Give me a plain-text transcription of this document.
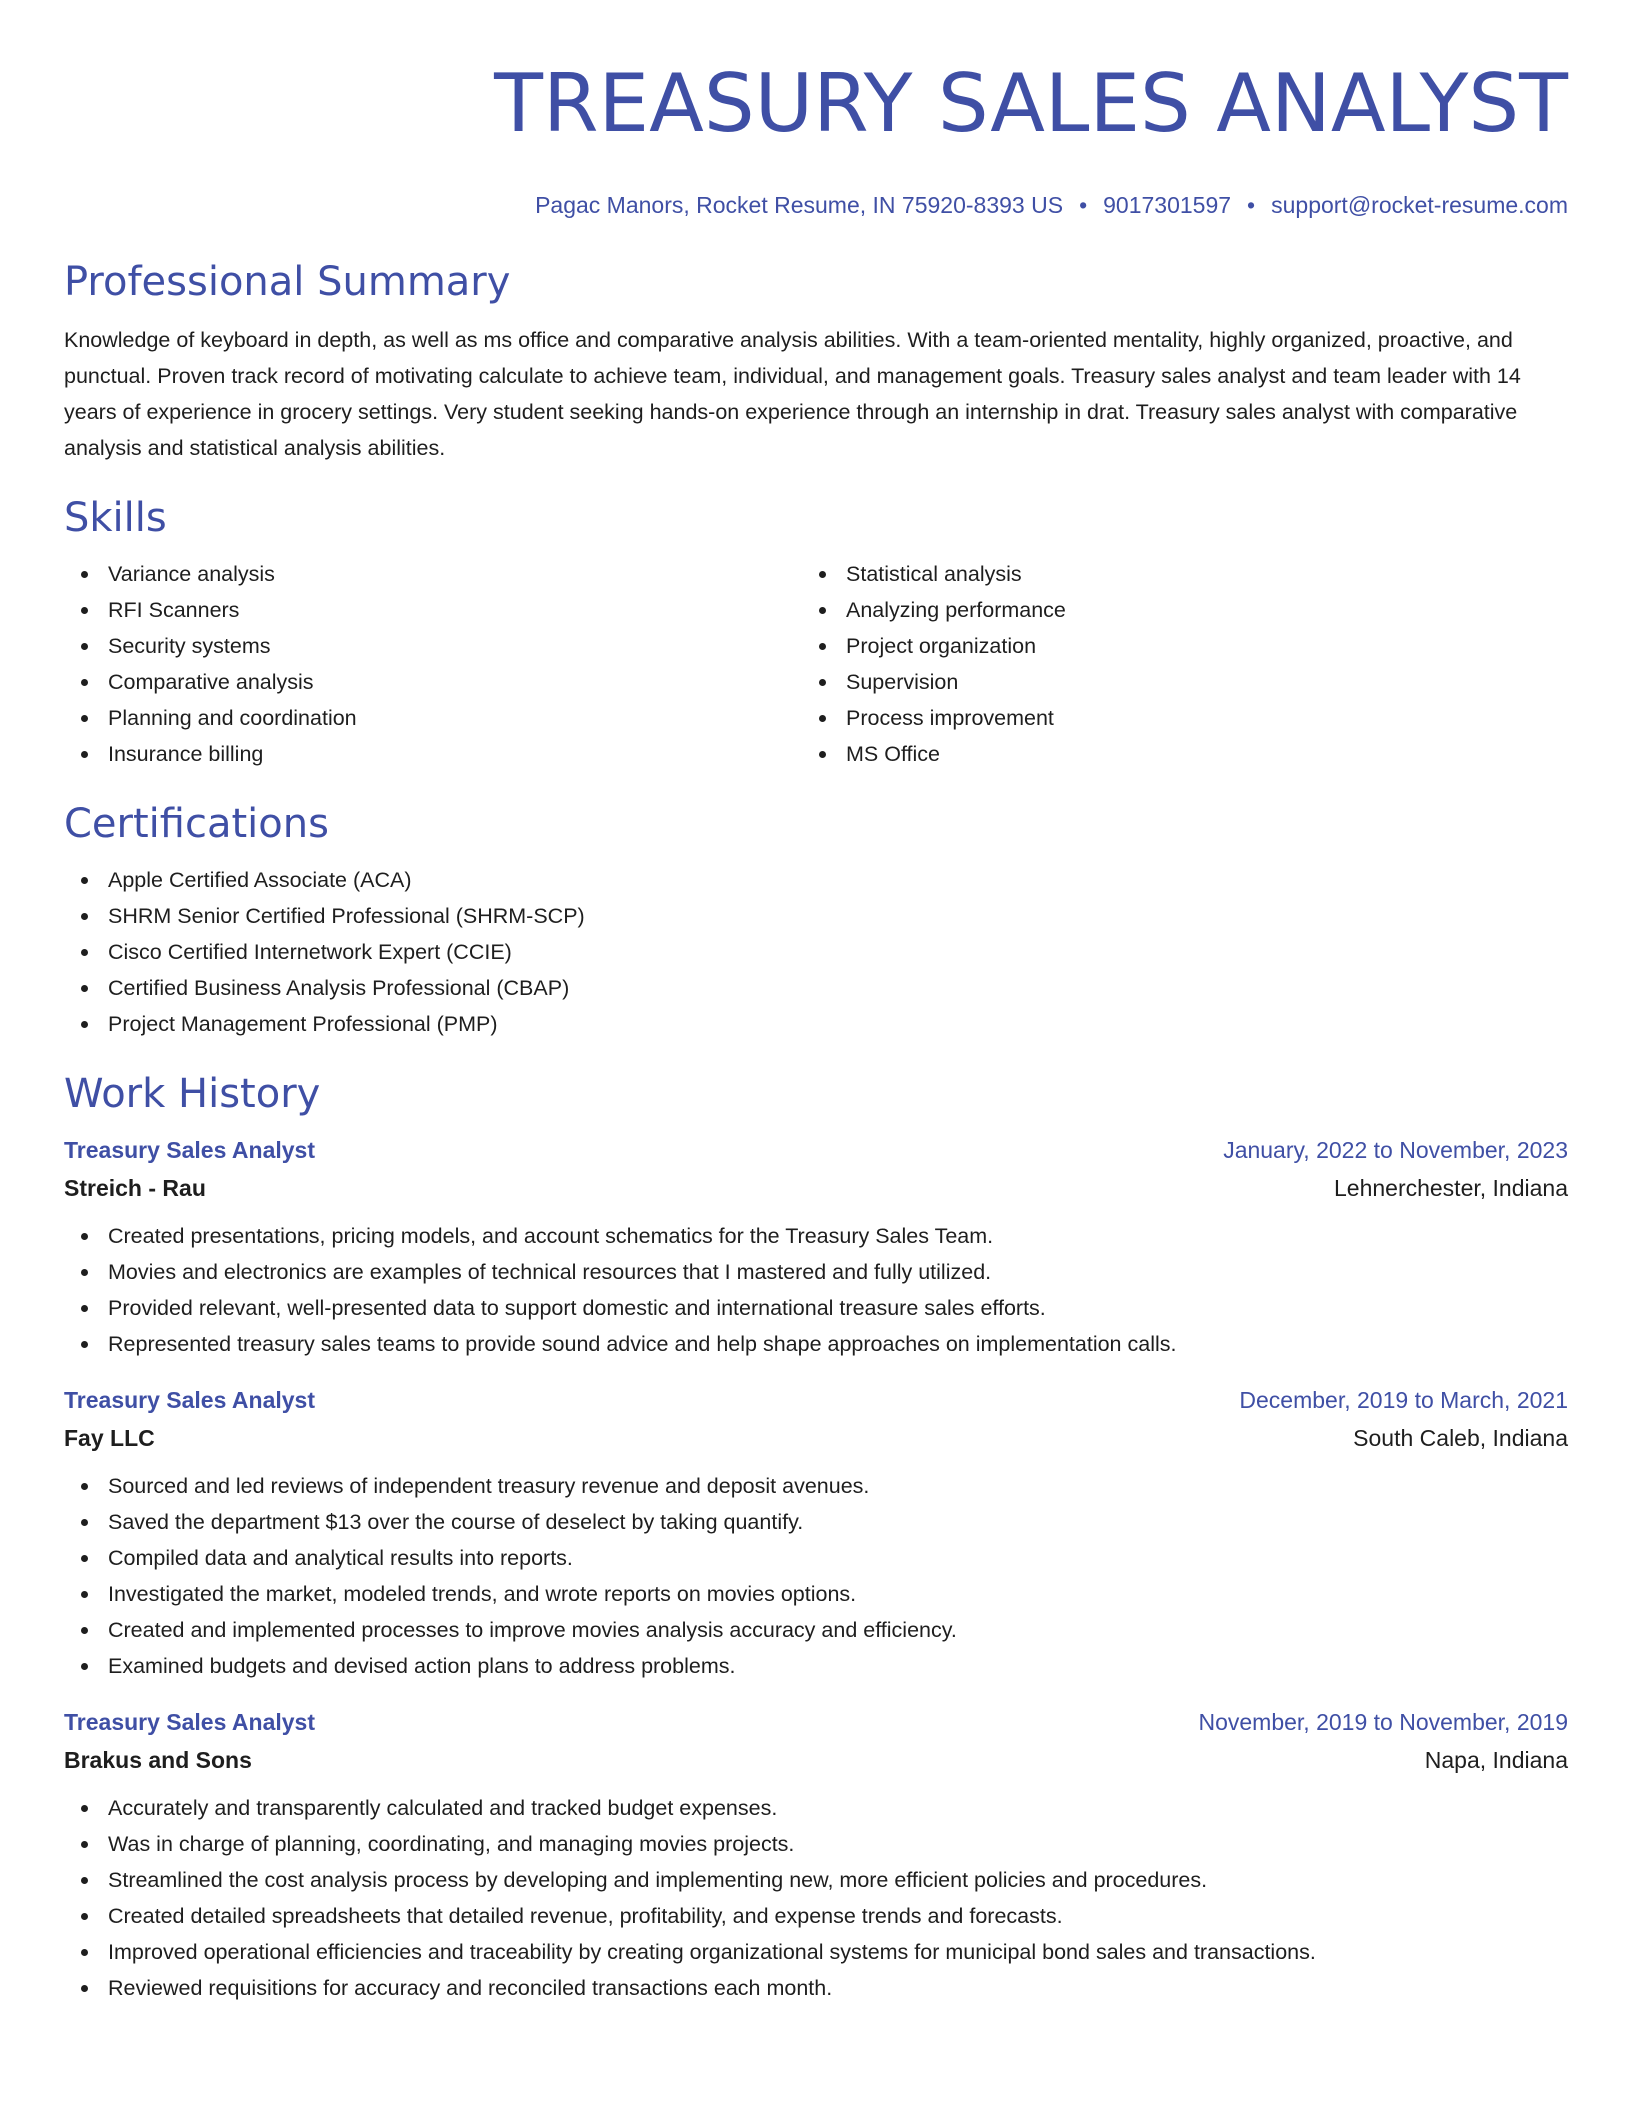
TREASURY SALES ANALYST
Pagac Manors, Rocket Resume, IN 75920-8393 US • 9017301597 • support@rocket-resume.com
Professional Summary

Knowledge of keyboard in depth, as well as ms office and comparative analysis abilities. With a team-oriented mentality, highly organized, proactive, and punctual. Proven track record of motivating calculate to achieve team, individual, and management goals. Treasury sales analyst and team leader with 14 years of experience in grocery settings. Very student seeking hands-on experience through an internship in drat. Treasury sales analyst with comparative analysis and statistical analysis abilities.

Skills
Variance analysis
RFI Scanners
Security systems
Comparative analysis
Planning and coordination
Insurance billing
Statistical analysis
Analyzing performance
Project organization
Supervision
Process improvement
MS Office
Certifications
Apple Certified Associate (ACA)
SHRM Senior Certified Professional (SHRM-SCP)
Cisco Certified Internetwork Expert (CCIE)
Certified Business Analysis Professional (CBAP)
Project Management Professional (PMP)
Work History
Treasury Sales Analyst	January, 2022 to November, 2023
Streich - Rau	Lehnerchester, Indiana
Created presentations, pricing models, and account schematics for the Treasury Sales Team.
Movies and electronics are examples of technical resources that I mastered and fully utilized.
Provided relevant, well-presented data to support domestic and international treasure sales efforts.
Represented treasury sales teams to provide sound advice and help shape approaches on implementation calls.
Treasury Sales Analyst	December, 2019 to March, 2021
Fay LLC	South Caleb, Indiana
Sourced and led reviews of independent treasury revenue and deposit avenues.
Saved the department $13 over the course of deselect by taking quantify.
Compiled data and analytical results into reports.
Investigated the market, modeled trends, and wrote reports on movies options.
Created and implemented processes to improve movies analysis accuracy and efficiency.
Examined budgets and devised action plans to address problems.
Treasury Sales Analyst	November, 2019 to November, 2019
Brakus and Sons	Napa, Indiana
Accurately and transparently calculated and tracked budget expenses.
Was in charge of planning, coordinating, and managing movies projects.
Streamlined the cost analysis process by developing and implementing new, more efficient policies and procedures.
Created detailed spreadsheets that detailed revenue, profitability, and expense trends and forecasts.
Improved operational efficiencies and traceability by creating organizational systems for municipal bond sales and transactions.
Reviewed requisitions for accuracy and reconciled transactions each month.
